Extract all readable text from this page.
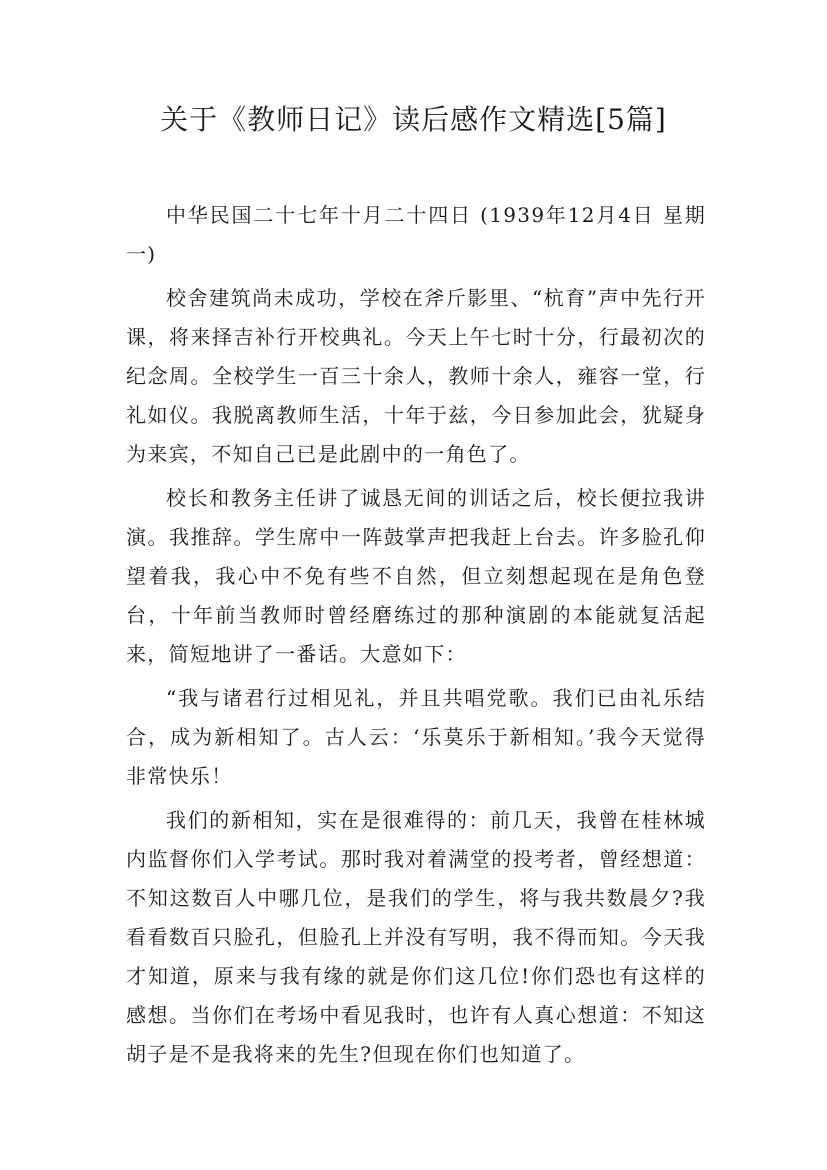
关于《教师日记》读后感作文精选[5篇]

中华民国二十七年十月二十四日 (1939年12月4日 星期一)

校舍建筑尚未成功，学校在斧斤影里、“杭育”声中先行开课，将来择吉补行开校典礼。今天上午七时十分，行最初次的纪念周。全校学生一百三十余人，教师十余人，雍容一堂，行礼如仪。我脱离教师生活，十年于兹，今日参加此会，犹疑身为来宾，不知自己已是此剧中的一角色了。

校长和教务主任讲了诚恳无间的训话之后，校长便拉我讲演。我推辞。学生席中一阵鼓掌声把我赶上台去。许多脸孔仰望着我，我心中不免有些不自然，但立刻想起现在是角色登台，十年前当教师时曾经磨练过的那种演剧的本能就复活起来，简短地讲了一番话。大意如下：

“我与诸君行过相见礼，并且共唱党歌。我们已由礼乐结合，成为新相知了。古人云：‘乐莫乐于新相知。’我今天觉得非常快乐！

我们的新相知，实在是很难得的：前几天，我曾在桂林城内监督你们入学考试。那时我对着满堂的投考者，曾经想道：不知这数百人中哪几位，是我们的学生，将与我共数晨夕?我看看数百只脸孔，但脸孔上并没有写明，我不得而知。今天我才知道，原来与我有缘的就是你们这几位!你们恐也有这样的感想。当你们在考场中看见我时，也许有人真心想道：不知这胡子是不是我将来的先生?但现在你们也知道了。
